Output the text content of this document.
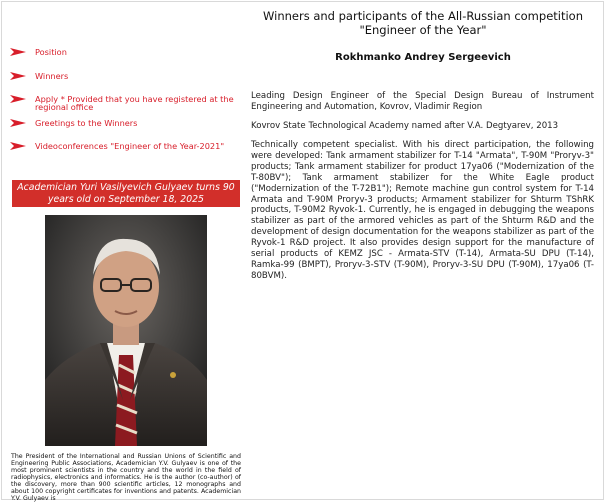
Position
Winners
Apply * Provided that you have registered at the regional office
Greetings to the Winners
Videoconferences "Engineer of the Year-2021"
Academician Yuri Vasilyevich Gulyaev turns 90 years old on September 18, 2025
The President of the International and Russian Unions of Scientific and Engineering Public Associations, Academician Y.V. Gulyaev is one of the most prominent scientists in the country and the world in the field of radiophysics, electronics and informatics. He is the author (co-author) of the discovery, more than 900 scientific articles, 12 monographs and about 100 copyright certificates for inventions and patents. Academician Y.V. Gulyaev is
Winners and participants of the All-Russian competition "Engineer of the Year"
Rokhmanko Andrey Sergeevich
Leading Design Engineer of the Special Design Bureau of Instrument Engineering and Automation, Kovrov, Vladimir Region
Kovrov State Technological Academy named after V.A. Degtyarev, 2013
Technically competent specialist. With his direct participation, the following were developed: Tank armament stabilizer for T-14 "Armata", T-90M "Proryv-3" products; Tank armament stabilizer for product 17ya06 ("Modernization of the T-80BV"); Tank armament stabilizer for the White Eagle product ("Modernization of the T-72B1"); Remote machine gun control system for T-14 Armata and T-90M Proryv-3 products; Armament stabilizer for Shturm TShRK products, T-90M2 Ryvok-1. Currently, he is engaged in debugging the weapons stabilizer as part of the armored vehicles as part of the Shturm R&D and the development of design documentation for the weapons stabilizer as part of the Ryvok-1 R&D project. It also provides design support for the manufacture of serial products of KEMZ JSC - Armata-STV (T-14), Armata-SU DPU (T-14), Ramka-99 (BMPT), Proryv-3-STV (T-90M), Proryv-3-SU DPU (T-90M), 17ya06 (T-80BVM).
